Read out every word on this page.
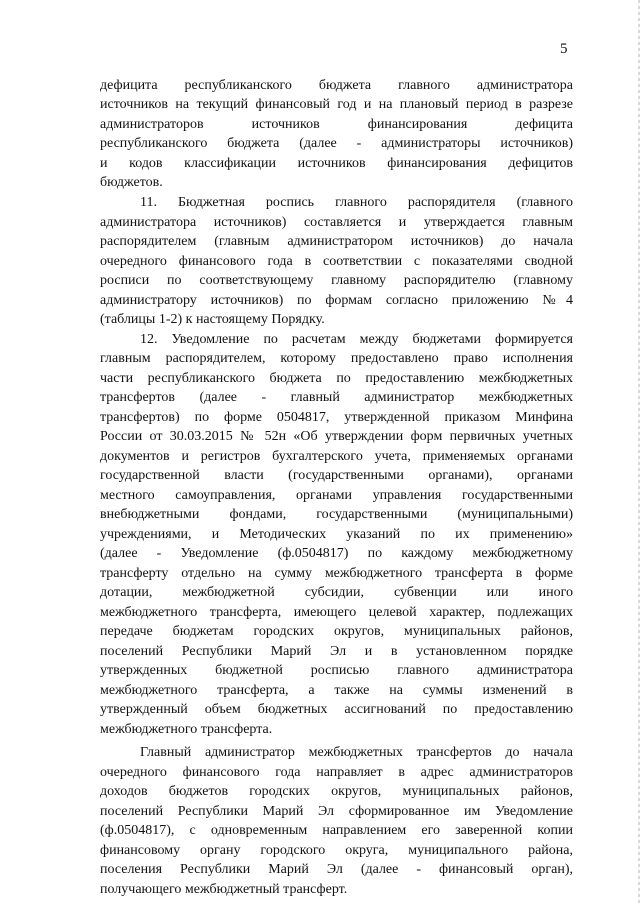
5
дефицита республиканского бюджета главного администратора
источников на текущий финансовый год и на плановый период в разрезе
администраторов источников финансирования дефицита
республиканского бюджета (далее - администраторы источников)
и кодов классификации источников финансирования дефицитов
бюджетов.
11. Бюджетная роспись главного распорядителя (главного
администратора источников) составляется и утверждается главным
распорядителем (главным администратором источников) до начала
очередного финансового года в соответствии с показателями сводной
росписи по соответствующему главному распорядителю (главному
администратору источников) по формам согласно приложению №4
(таблицы 1-2) к настоящему Порядку.
12. Уведомление по расчетам между бюджетами формируется
главным распорядителем, которому предоставлено право исполнения
части республиканского бюджета по предоставлению межбюджетных
трансфертов (далее - главный администратор межбюджетных
трансфертов) по форме 0504817, утвержденной приказом Минфина
России от 30.03.2015 № 52н «Об утверждении форм первичных учетных
документов и регистров бухгалтерского учета, применяемых органами
государственной власти (государственными органами), органами
местного самоуправления, органами управления государственными
внебюджетными фондами, государственными (муниципальными)
учреждениями, и Методических указаний по их применению»
(далее - Уведомление (ф.0504817) по каждому межбюджетному
трансферту отдельно на сумму межбюджетного трансферта в форме
дотации, межбюджетной субсидии, субвенции или иного
межбюджетного трансферта, имеющего целевой характер, подлежащих
передаче бюджетам городских округов, муниципальных районов,
поселений Республики Марий Эл и в установленном порядке
утвержденных бюджетной росписью главного администратора
межбюджетного трансферта, а также на суммы изменений в
утвержденный объем бюджетных ассигнований по предоставлению
межбюджетного трансферта.
Главный администратор межбюджетных трансфертов до начала
очередного финансового года направляет в адрес администраторов
доходов бюджетов городских округов, муниципальных районов,
поселений Республики Марий Эл сформированное им Уведомление
(ф.0504817), с одновременным направлением его заверенной копии
финансовому органу городского округа, муниципального района,
поселения Республики Марий Эл (далее - финансовый орган),
получающего межбюджетный трансферт.
